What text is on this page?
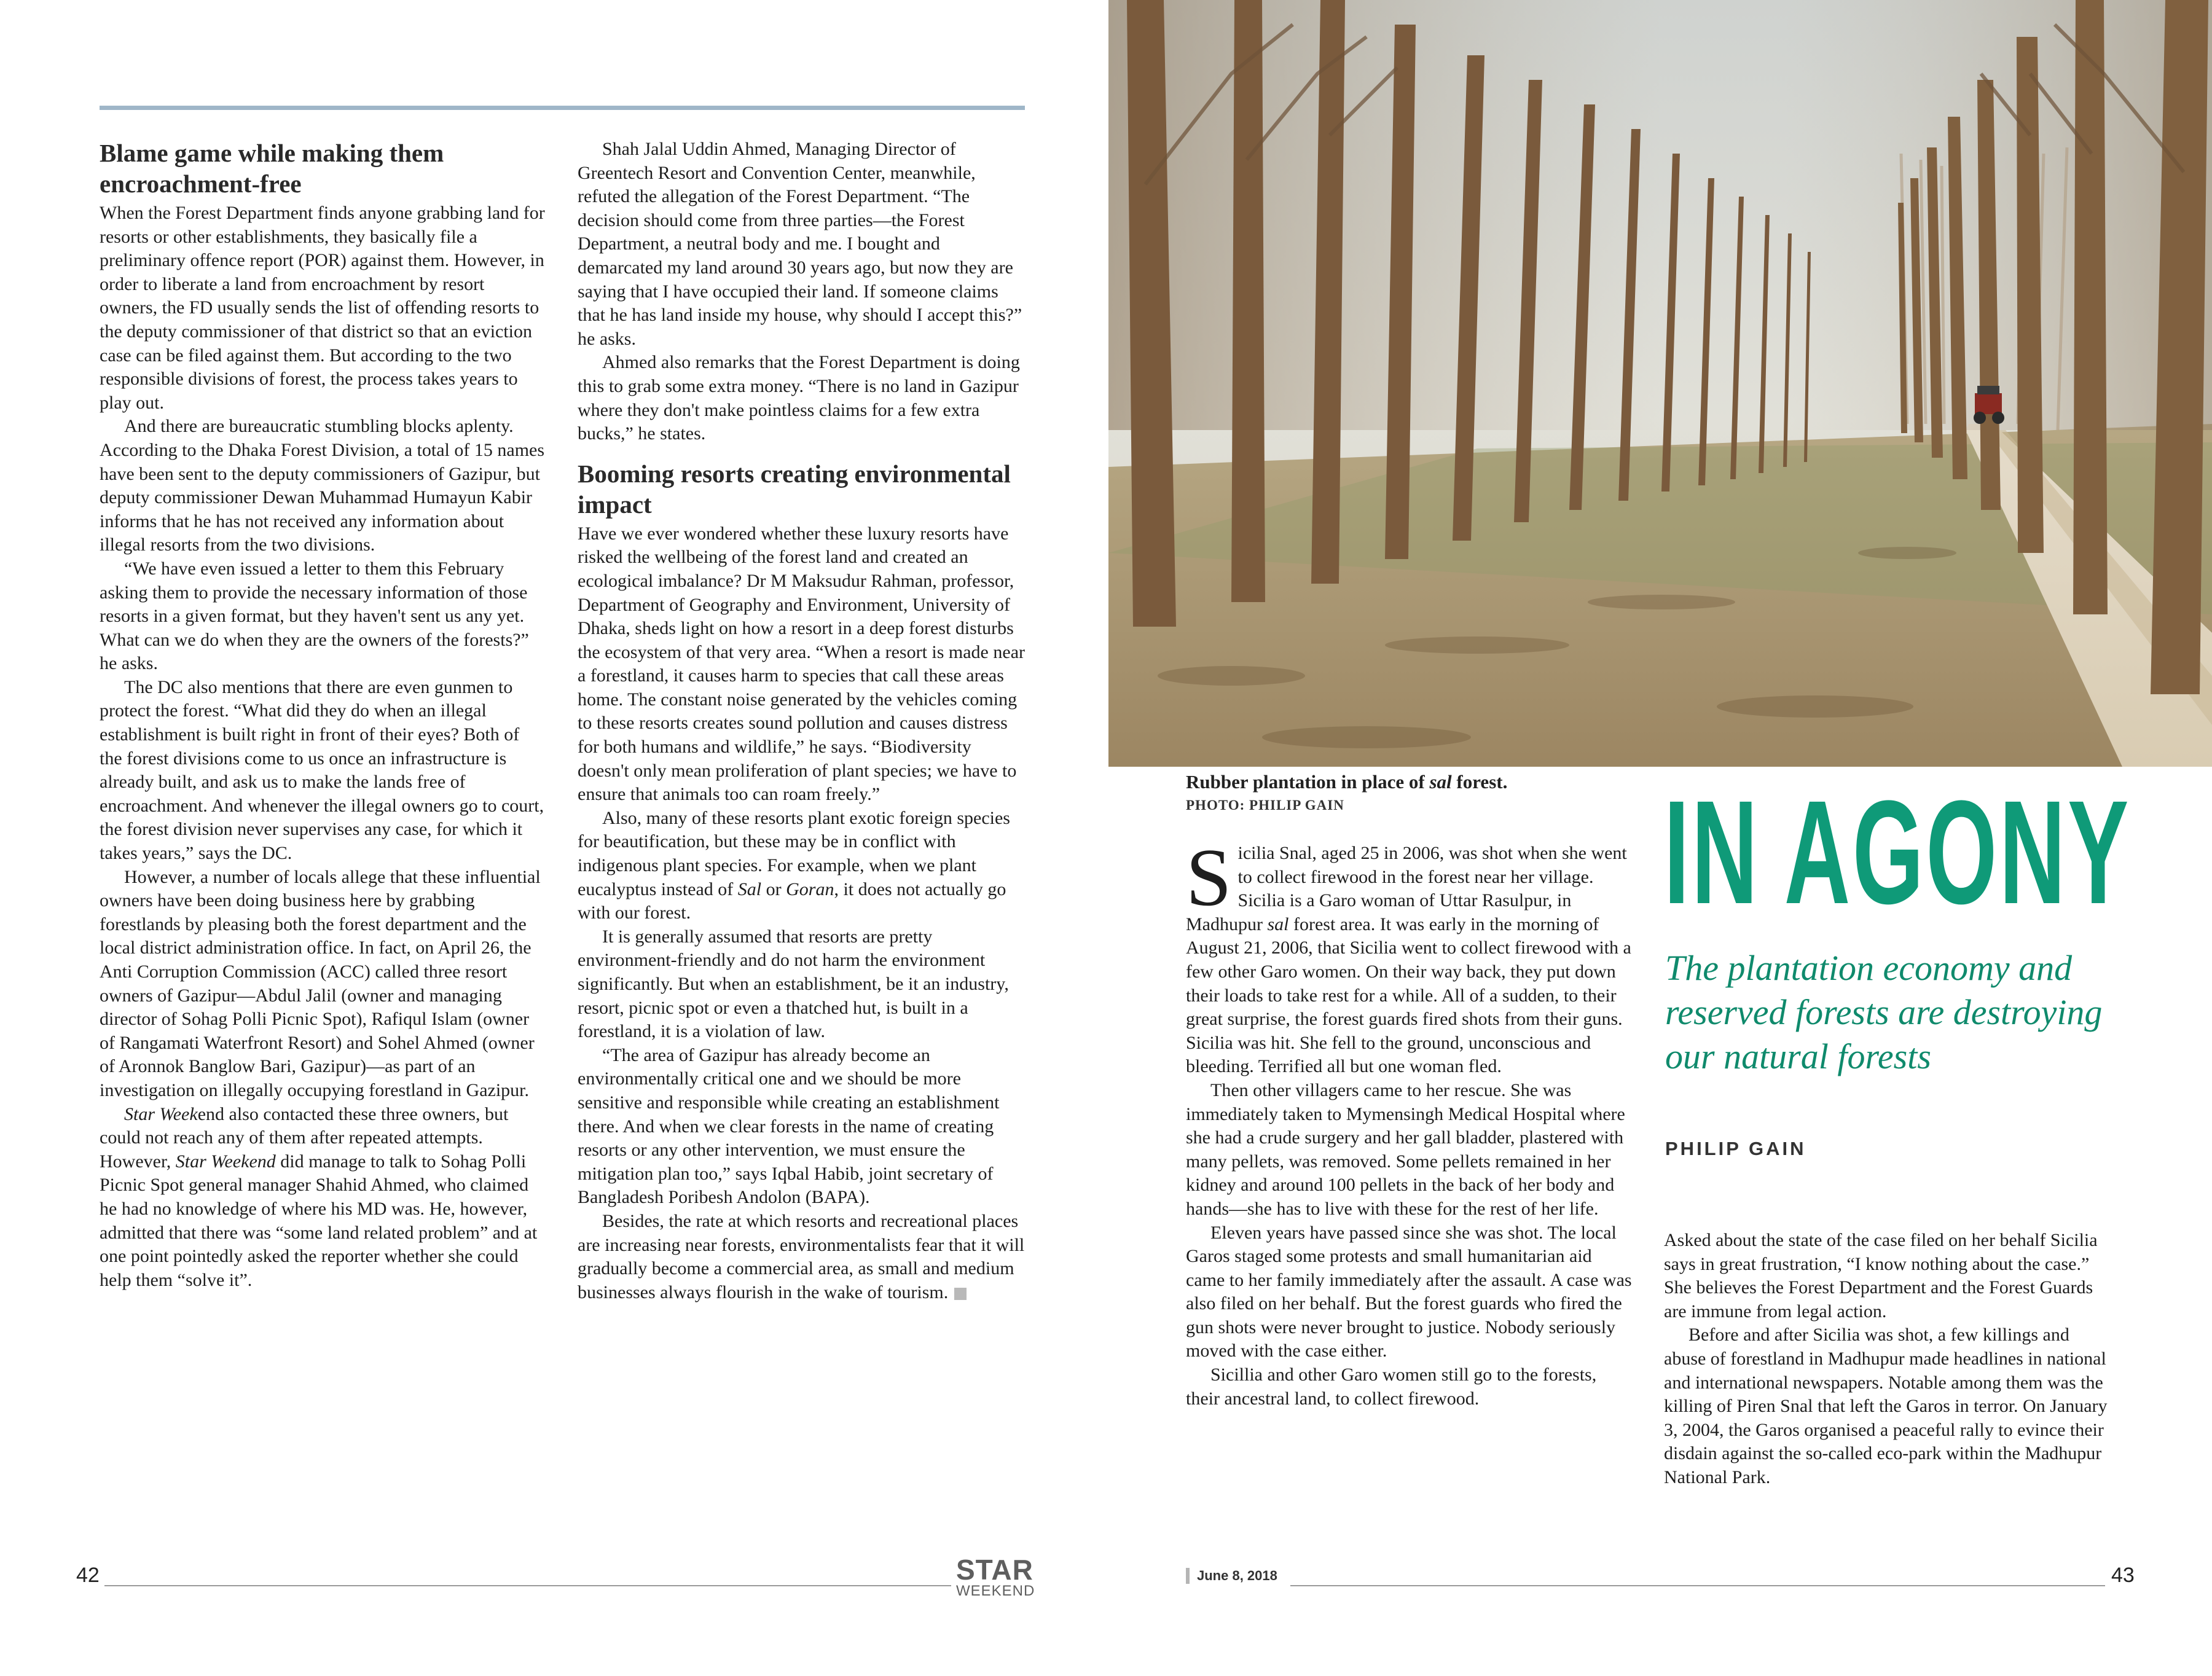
Blame game while making them encroachment-free

When the Forest Department finds anyone grabbing land for resorts or other establishments, they basically file a preliminary offence report (POR) against them. However, in order to liberate a land from encroachment by resort owners, the FD usually sends the list of offending resorts to the deputy commissioner of that district so that an eviction case can be filed against them. But according to the two responsible divisions of forest, the process takes years to play out.

And there are bureaucratic stumbling blocks aplenty. According to the Dhaka Forest Division, a total of 15 names have been sent to the deputy commissioners of Gazipur, but deputy commissioner Dewan Muhammad Humayun Kabir informs that he has not received any information about illegal resorts from the two divisions.

“We have even issued a letter to them this February asking them to provide the necessary information of those resorts in a given format, but they haven't sent us any yet. What can we do when they are the owners of the forests?” he asks.

The DC also mentions that there are even gunmen to protect the forest. “What did they do when an illegal establishment is built right in front of their eyes? Both of the forest divisions come to us once an infrastructure is already built, and ask us to make the lands free of encroachment. And whenever the illegal owners go to court, the forest division never supervises any case, for which it takes years,” says the DC.

However, a number of locals allege that these influential owners have been doing business here by grabbing forestlands by pleasing both the forest department and the local district administration office. In fact, on April 26, the Anti Corruption Commission (ACC) called three resort owners of Gazipur—Abdul Jalil (owner and managing director of Sohag Polli Picnic Spot), Rafiqul Islam (owner of Rangamati Waterfront Resort) and Sohel Ahmed (owner of Aronnok Banglow Bari, Gazipur)—as part of an investigation on illegally occupying forestland in Gazipur.

Star Weekend also contacted these three owners, but could not reach any of them after repeated attempts. However, Star Weekend did manage to talk to Sohag Polli Picnic Spot general manager Shahid Ahmed, who claimed he had no knowledge of where his MD was. He, however, admitted that there was “some land related problem” and at one point pointedly asked the reporter whether she could help them “solve it”.

Shah Jalal Uddin Ahmed, Managing Director of Greentech Resort and Convention Center, meanwhile, refuted the allegation of the Forest Department. “The decision should come from three parties—the Forest Department, a neutral body and me. I bought and demarcated my land around 30 years ago, but now they are saying that I have occupied their land. If someone claims that he has land inside my house, why should I accept this?” he asks.

Ahmed also remarks that the Forest Department is doing this to grab some extra money. “There is no land in Gazipur where they don't make pointless claims for a few extra bucks,” he states.

Booming resorts creating environmental impact

Have we ever wondered whether these luxury resorts have risked the wellbeing of the forest land and created an ecological imbalance? Dr M Maksudur Rahman, professor, Department of Geography and Environment, University of Dhaka, sheds light on how a resort in a deep forest disturbs the ecosystem of that very area. “When a resort is made near a forestland, it causes harm to species that call these areas home. The constant noise generated by the vehicles coming to these resorts creates sound pollution and causes distress for both humans and wildlife,” he says. “Biodiversity doesn't only mean proliferation of plant species; we have to ensure that animals too can roam freely.”

Also, many of these resorts plant exotic foreign species for beautification, but these may be in conflict with indigenous plant species. For example, when we plant eucalyptus instead of Sal or Goran, it does not actually go with our forest.

It is generally assumed that resorts are pretty environment-friendly and do not harm the environment significantly. But when an establishment, be it an industry, resort, picnic spot or even a thatched hut, is built in a forestland, it is a violation of law.

“The area of Gazipur has already become an environmentally critical one and we should be more sensitive and responsible while creating an establishment there. And when we clear forests in the name of creating resorts or any other intervention, we must ensure the mitigation plan too,” says Iqbal Habib, joint secretary of Bangladesh Poribesh Andolon (BAPA).

Besides, the rate at which resorts and recreational places are increasing near forests, environmentalists fear that it will gradually become a commercial area, as small and medium businesses always flourish in the wake of tourism.

42	STAR
WEEKEND
Rubber plantation in place of sal forest.
PHOTO: PHILIP GAIN	IN AGONY
The plantation economy and reserved forests are destroying our natural forests
PHILIP GAIN

Sicilia Snal, aged 25 in 2006, was shot when she went to collect firewood in the forest near her village. Sicilia is a Garo woman of Uttar Rasulpur, in Madhupur sal forest area. It was early in the morning of August 21, 2006, that Sicilia went to collect firewood with a few other Garo women. On their way back, they put down their loads to take rest for a while. All of a sudden, to their great surprise, the forest guards fired shots from their guns. Sicilia was hit. She fell to the ground, unconscious and bleeding. Terrified all but one woman fled.

Then other villagers came to her rescue. She was immediately taken to Mymensingh Medical Hospital where she had a crude surgery and her gall bladder, plastered with many pellets, was removed. Some pellets remained in her kidney and around 100 pellets in the back of her body and hands—she has to live with these for the rest of her life.

Eleven years have passed since she was shot. The local Garos staged some protests and small humanitarian aid came to her family immediately after the assault. A case was also filed on her behalf. But the forest guards who fired the gun shots were never brought to justice. Nobody seriously moved with the case either.

Sicillia and other Garo women still go to the forests, their ancestral land, to collect firewood.

Asked about the state of the case filed on her behalf Sicilia says in great frustration, “I know nothing about the case.” She believes the Forest Department and the Forest Guards are immune from legal action.

Before and after Sicilia was shot, a few killings and abuse of forestland in Madhupur made headlines in national and international newspapers. Notable among them was the killing of Piren Snal that left the Garos in terror. On January 3, 2004, the Garos organised a peaceful rally to evince their disdain against the so-called eco-park within the Madhupur National Park.

June 8, 2018	43
